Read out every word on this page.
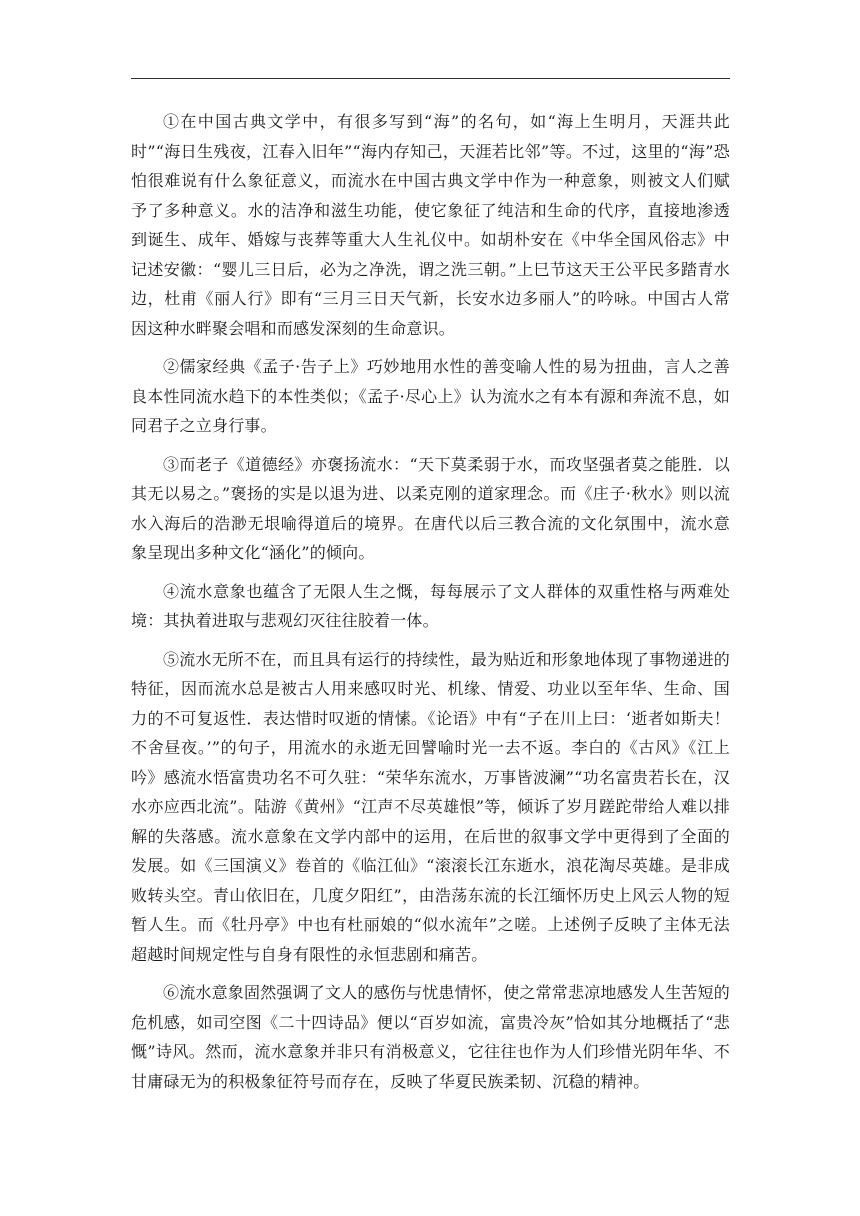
①在中国古典文学中，有很多写到“海”的名句，如“海上生明月，天涯共此时”“海日生残夜，江春入旧年”“海内存知己，天涯若比邻”等。不过，这里的“海”恐怕很难说有什么象征意义，而流水在中国古典文学中作为一种意象，则被文人们赋予了多种意义。水的洁净和滋生功能，使它象征了纯洁和生命的代序，直接地渗透到诞生、成年、婚嫁与丧葬等重大人生礼仪中。如胡朴安在《中华全国风俗志》中记述安徽：“婴儿三日后，必为之净洗，谓之洗三朝。”上巳节这天王公平民多踏青水边，杜甫《丽人行》即有“三月三日天气新，长安水边多丽人”的吟咏。中国古人常因这种水畔聚会唱和而感发深刻的生命意识。

②儒家经典《孟子·告子上》巧妙地用水性的善变喻人性的易为扭曲，言人之善良本性同流水趋下的本性类似；《孟子·尽心上》认为流水之有本有源和奔流不息，如同君子之立身行事。

③而老子《道德经》亦褒扬流水：“天下莫柔弱于水，而攻坚强者莫之能胜．以其无以易之。”褒扬的实是以退为进、以柔克刚的道家理念。而《庄子·秋水》则以流水入海后的浩渺无垠喻得道后的境界。在唐代以后三教合流的文化氛围中，流水意象呈现出多种文化“涵化”的倾向。

④流水意象也蕴含了无限人生之慨，每每展示了文人群体的双重性格与两难处境：其执着进取与悲观幻灭往往胶着一体。

⑤流水无所不在，而且具有运行的持续性，最为贴近和形象地体现了事物递进的特征，因而流水总是被古人用来感叹时光、机缘、情爱、功业以至年华、生命、国力的不可复返性．表达惜时叹逝的情愫。《论语》中有“子在川上曰：‘逝者如斯夫！不舍昼夜。’”的句子，用流水的永逝无回譬喻时光一去不返。李白的《古风》《江上吟》感流水悟富贵功名不可久驻：“荣华东流水，万事皆波澜”“功名富贵若长在，汉水亦应西北流”。陆游《黄州》“江声不尽英雄恨”等，倾诉了岁月蹉跎带给人难以排解的失落感。流水意象在文学内部中的运用，在后世的叙事文学中更得到了全面的发展。如《三国演义》卷首的《临江仙》“滚滚长江东逝水，浪花淘尽英雄。是非成败转头空。青山依旧在，几度夕阳红”，由浩荡东流的长江缅怀历史上风云人物的短暂人生。而《牡丹亭》中也有杜丽娘的“似水流年”之嗟。上述例子反映了主体无法超越时间规定性与自身有限性的永恒悲剧和痛苦。

⑥流水意象固然强调了文人的感伤与忧患情怀，使之常常悲凉地感发人生苦短的危机感，如司空图《二十四诗品》便以“百岁如流，富贵冷灰”恰如其分地概括了“悲慨”诗风。然而，流水意象并非只有消极意义，它往往也作为人们珍惜光阴年华、不甘庸碌无为的积极象征符号而存在，反映了华夏民族柔韧、沉稳的精神。
